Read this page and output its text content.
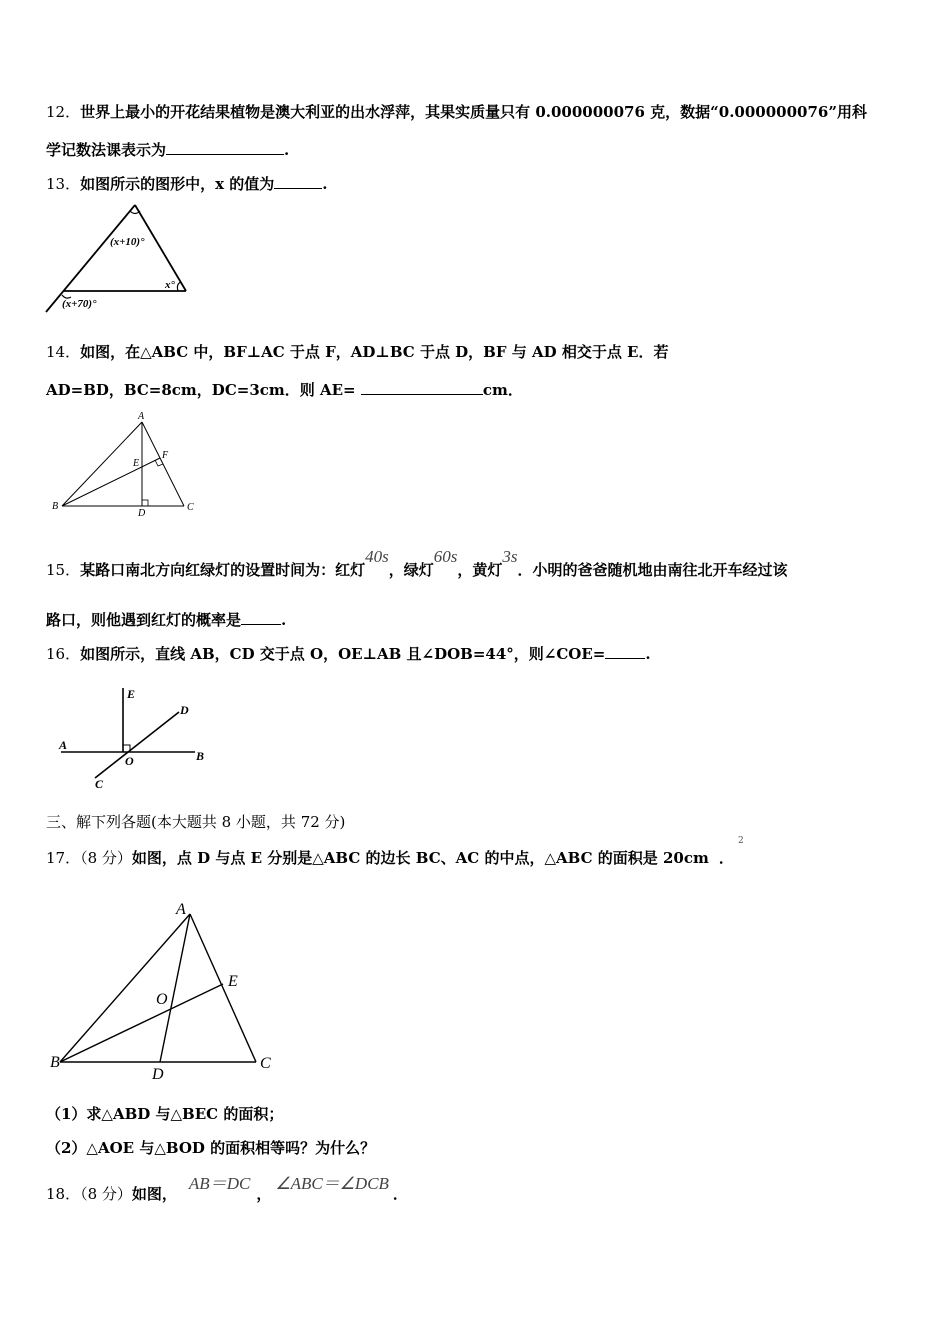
12．世界上最小的开花结果植物是澳大利亚的出水浮萍，其果实质量只有 0.000000076 克，数据“0.000000076”用科
学记数法课表示为	.
13．如图所示的图形中，x 的值为	.
(x+10)°
x°
(x+70)°
14．如图，在△ABC 中，BF⊥AC 于点 F，AD⊥BC 于点 D，BF 与 AD 相交于点 E．若
AD=BD，BC=8cm，DC=3cm．则 AE=	cm．
A
B	C
D
E
F
15．某路口南北方向红绿灯的设置时间为：红灯40s，绿灯60s，黄灯3s．小明的爸爸随机地由南往北开车经过该
路口，则他遇到红灯的概率是	.
16．如图所示，直线 AB，CD 交于点 O，OE⊥AB 且∠DOB=44°，则∠COE=	.
A
B
C
D
E
O
三、解下列各题(本大题共 8 小题，共 72 分)
17．（8 分）如图，点 D 与点 E 分别是△ABC 的边长 BC、AC 的中点，△ABC 的面积是 20cm ．
2
A
B	C
D
E
O
（1）求△ABD 与△BEC 的面积；
（2）△AOE 与△BOD 的面积相等吗？为什么？
18．（8 分）如图，AB＝DC，∠ABC＝∠DCB．
